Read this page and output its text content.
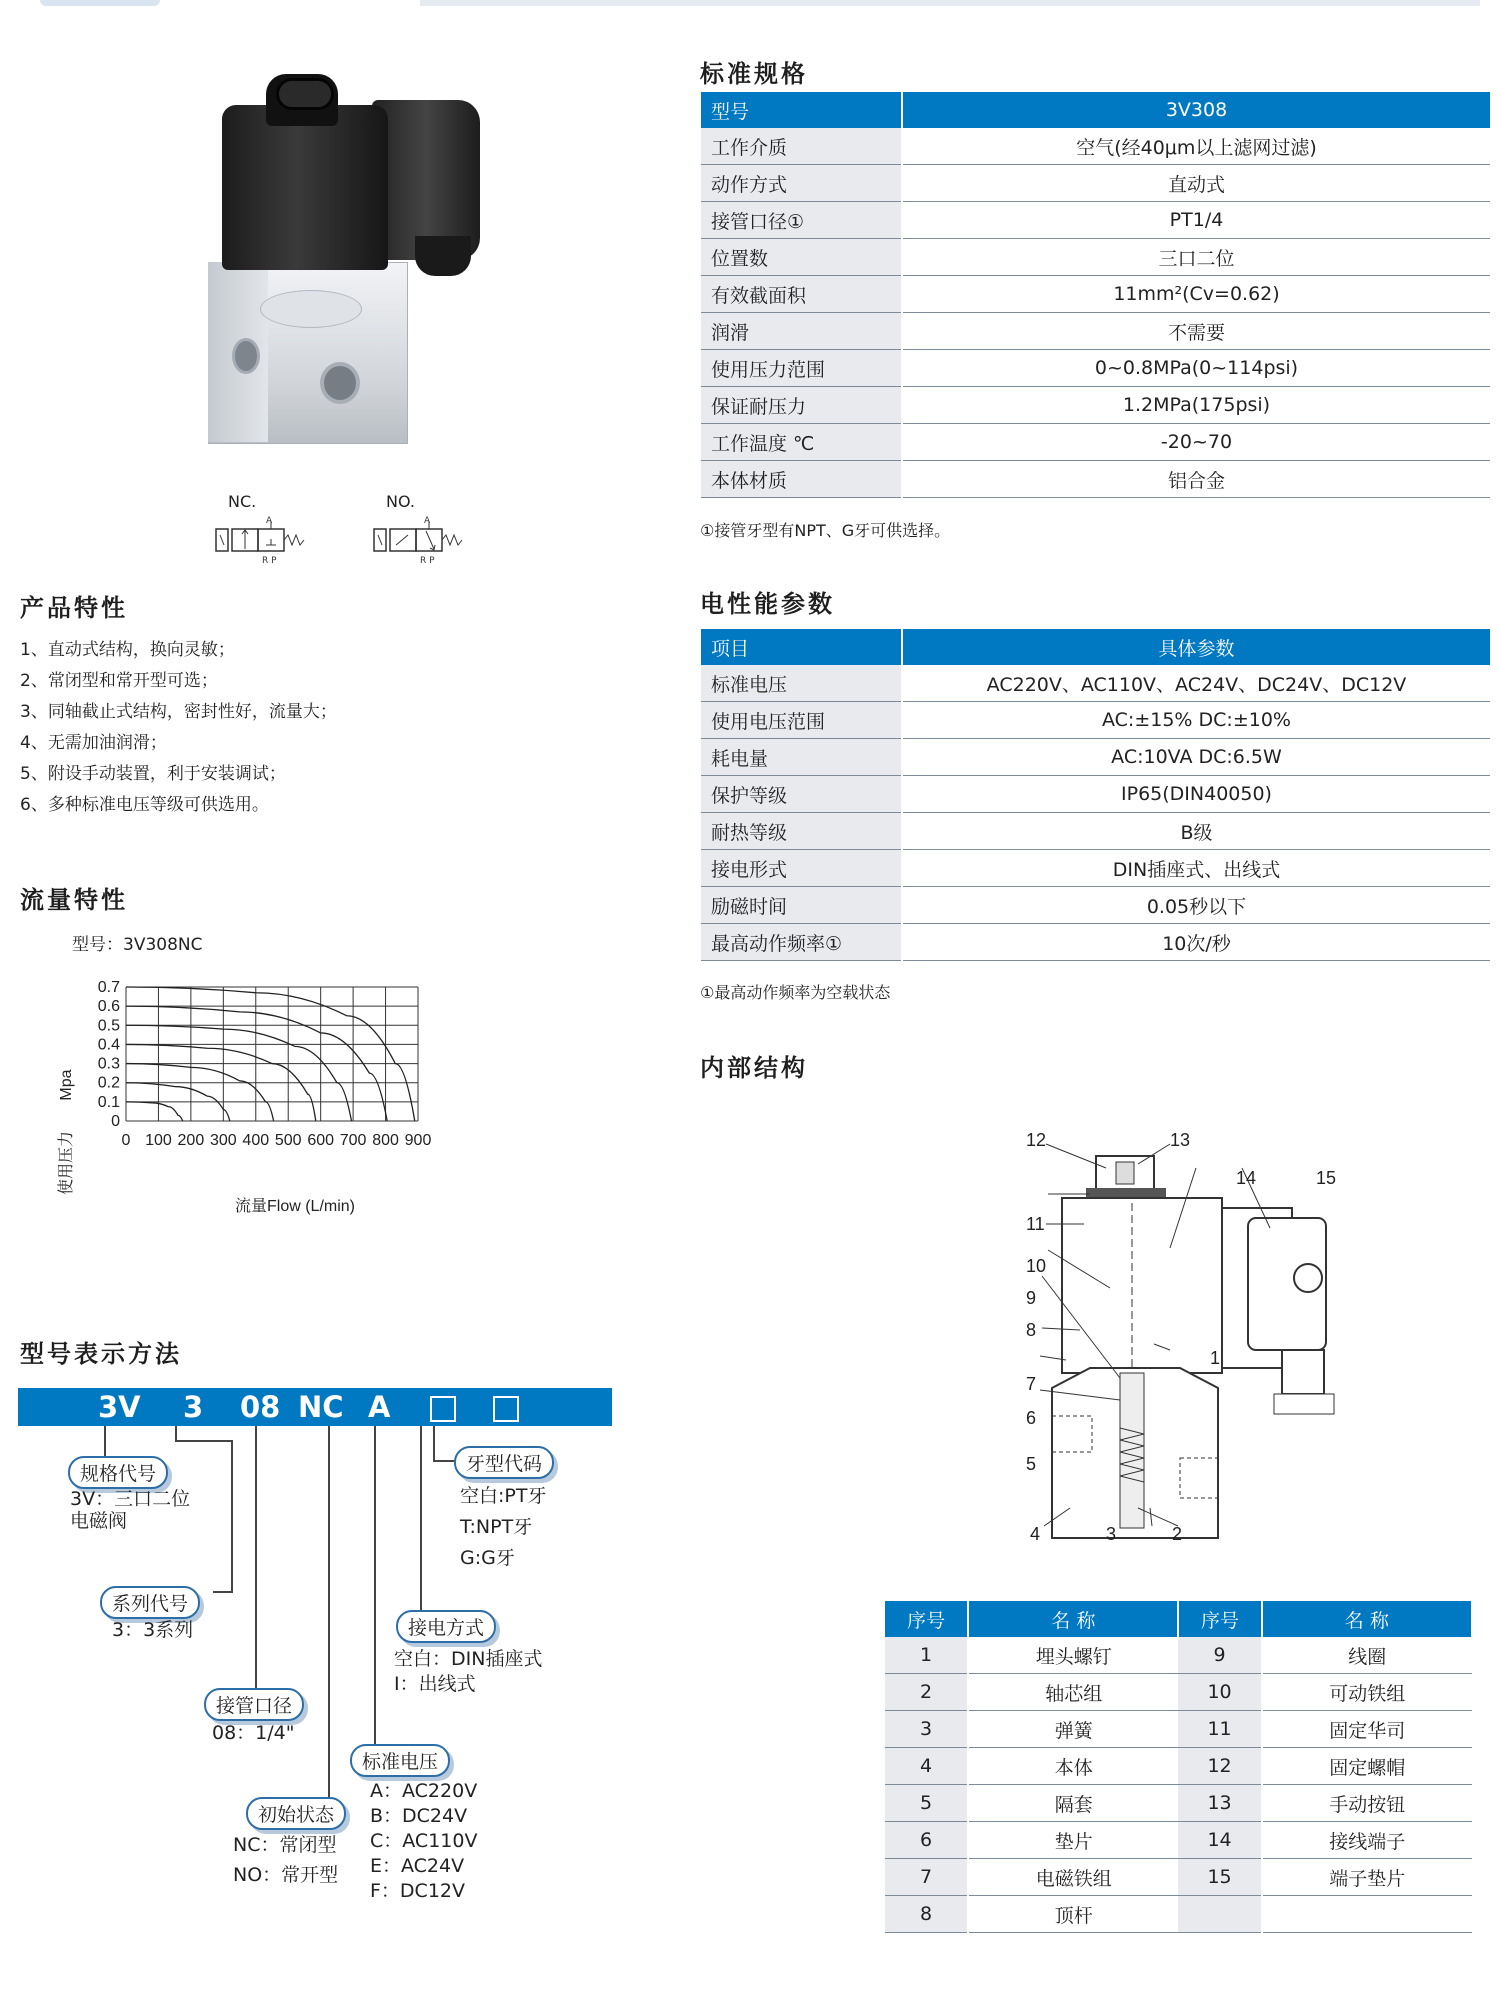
NC.	NO.
A
R P
A
R P
产品特性
1、直动式结构，换向灵敏；
2、常闭型和常开型可选；
3、同轴截止式结构，密封性好，流量大；
4、无需加油润滑；
5、附设手动装置，利于安装调试；
6、多种标准电压等级可供选用。
流量特性
型号：3V308NC
0 100 200 300 400 500 600 700 800 900
0
0.1
0.2
0.3
0.4
0.5
0.6
0.7
Mpa
使用压力
流量Flow (L/min)
型号表示方法
3V 3 08 NC A
规格代号
3V：三口二位
电磁阀
系列代号
3：3系列
接管口径
08：1/4"
初始状态
NC：常闭型
NO：常开型
标准电压
A：AC220V
B：DC24V
C：AC110V
E：AC24V
F：DC12V
接电方式
空白：DIN插座式
I：出线式
牙型代码
空白:PT牙
T:NPT牙
G:G牙
标准规格
型号	3V308
工作介质	空气(经40μm以上滤网过滤)
动作方式	直动式
接管口径①	PT1/4
位置数	三口二位
有效截面积	11mm²(Cv=0.62)
润滑	不需要
使用压力范围	0~0.8MPa(0~114psi)
保证耐压力	1.2MPa(175psi)
工作温度 ℃	-20~70
本体材质	铝合金
①接管牙型有NPT、G牙可供选择。
电性能参数
项目	具体参数
标准电压	AC220V、AC110V、AC24V、DC24V、DC12V
使用电压范围	AC:±15% DC:±10%
耗电量	AC:10VA DC:6.5W
保护等级	IP65(DIN40050)
耐热等级	B级
接电形式	DIN插座式、出线式
励磁时间	0.05秒以下
最高动作频率①	10次/秒
①最高动作频率为空载状态
内部结构
1
2
3
4
5
6
7
8
9
10
11
12	13
14	15
序号	名 称	序号	名 称
1	埋头螺钉	9	线圈
2	轴芯组	10	可动铁组
3	弹簧	11	固定华司
4	本体	12	固定螺帽
5	隔套	13	手动按钮
6	垫片	14	接线端子
7	电磁铁组	15	端子垫片
8	顶杆		
